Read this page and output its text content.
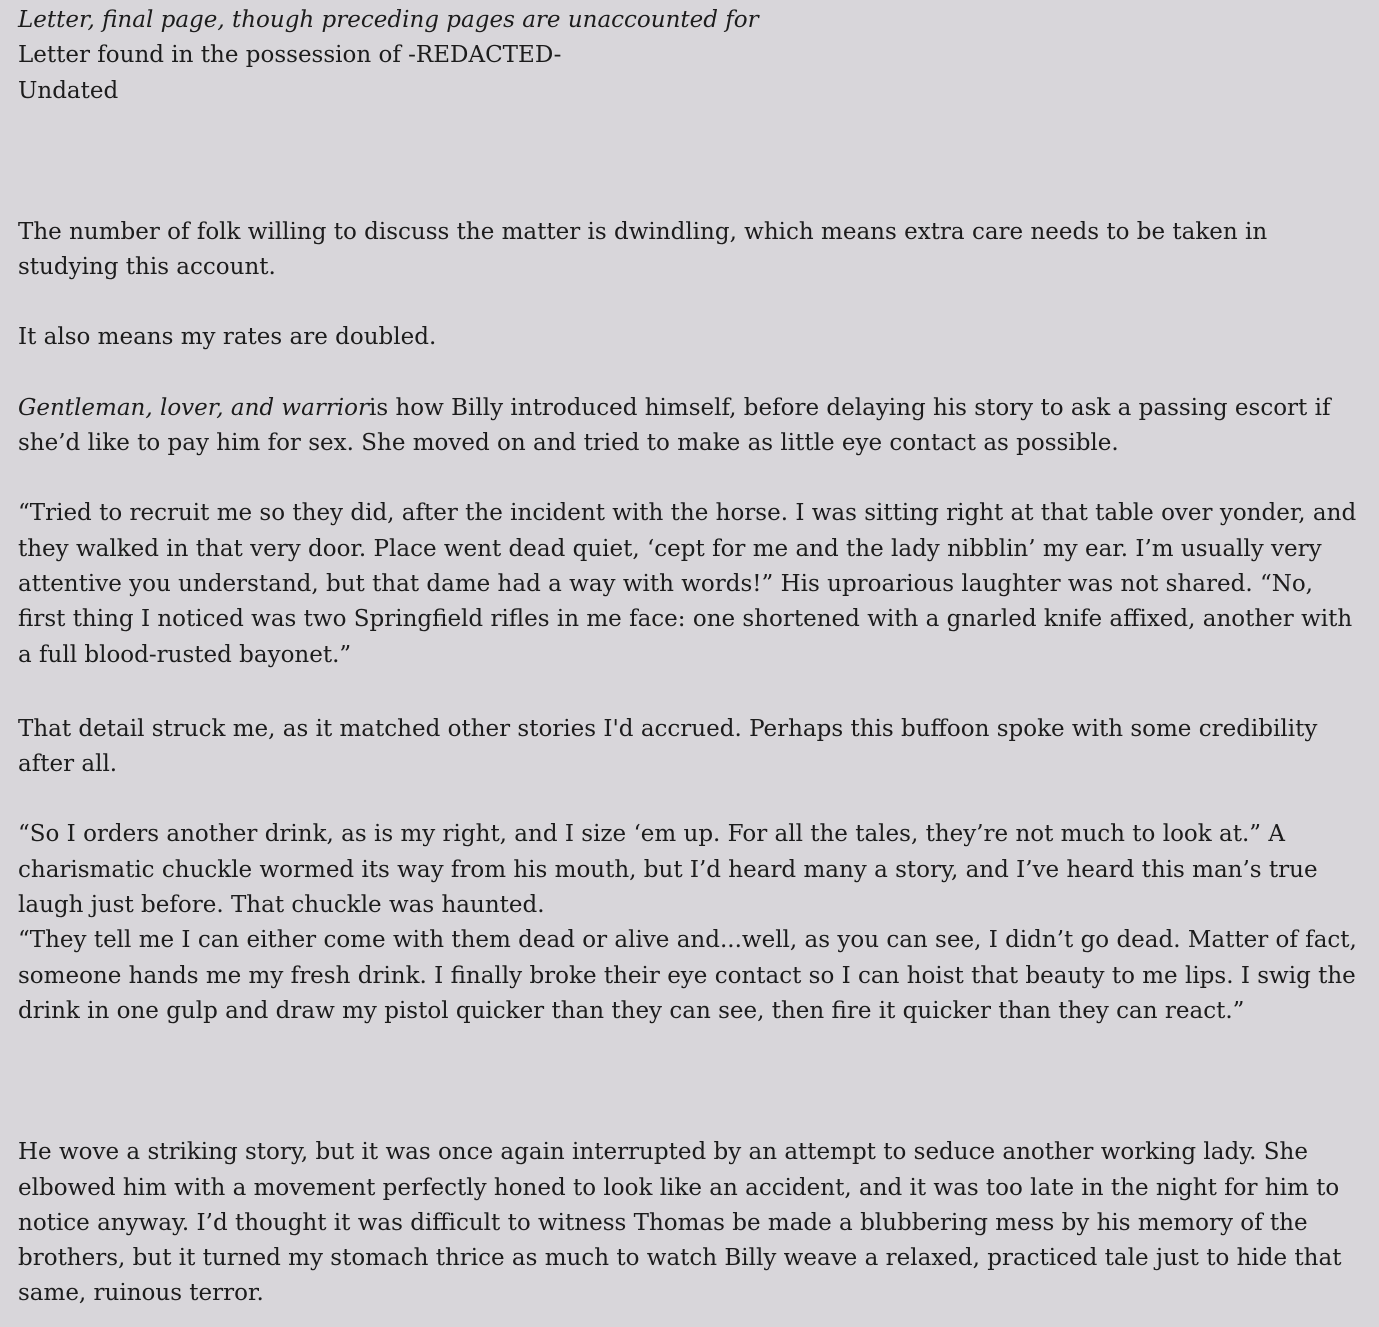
Letter, final page, though preceding pages are unaccounted for

Letter found in the possession of -REDACTED-

Undated

The number of folk willing to discuss the matter is dwindling, which means extra care needs to be taken in studying this account.

It also means my rates are doubled.

Gentleman, lover, and warrioris how Billy introduced himself, before delaying his story to ask a passing escort if she’d like to pay him for sex. She moved on and tried to make as little eye contact as possible.

“Tried to recruit me so they did, after the incident with the horse. I was sitting right at that table over yonder, and they walked in that very door. Place went dead quiet, ‘cept for me and the lady nibblin’ my ear. I’m usually very attentive you understand, but that dame had a way with words!” His uproarious laughter was not shared. “No, first thing I noticed was two Springfield rifles in me face: one shortened with a gnarled knife affixed, another with a full blood-rusted bayonet.”

That detail struck me, as it matched other stories I'd accrued. Perhaps this buffoon spoke with some credibility after all.

“So I orders another drink, as is my right, and I size ‘em up. For all the tales, they’re not much to look at.” A charismatic chuckle wormed its way from his mouth, but I’d heard many a story, and I’ve heard this man’s true laugh just before. That chuckle was haunted.

“They tell me I can either come with them dead or alive and...well, as you can see, I didn’t go dead. Matter of fact, someone hands me my fresh drink. I finally broke their eye contact so I can hoist that beauty to me lips. I swig the drink in one gulp and draw my pistol quicker than they can see, then fire it quicker than they can react.”

He wove a striking story, but it was once again interrupted by an attempt to seduce another working lady. She elbowed him with a movement perfectly honed to look like an accident, and it was too late in the night for him to notice anyway. I’d thought it was difficult to witness Thomas be made a blubbering mess by his memory of the brothers, but it turned my stomach thrice as much to watch Billy weave a relaxed, practiced tale just to hide that same, ruinous terror.
